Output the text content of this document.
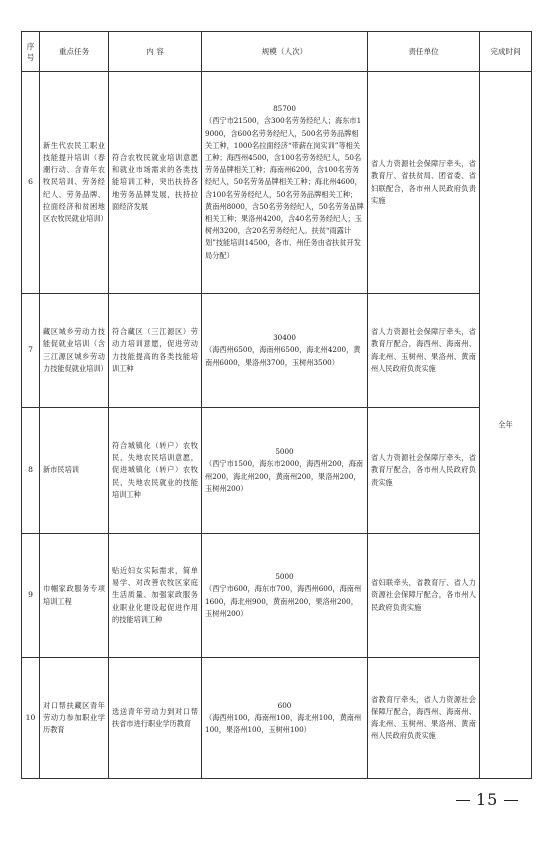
序号	重点任务	内 容	规模（人次）	责任单位	完成时间
6	新生代农民工职业技能提升培训（春潮行动、含青年农牧民培训、劳务经纪人、劳务品牌、拉面经济和贫困地区农牧民就业培训）	符合农牧民就业培训意愿和就业市场需求的各类技能培训工种，突出扶持各地劳务品牌发展，扶持拉面经济发展	85700
（西宁市21500，含300名劳务经纪人；海东市19000，含600名劳务经纪人，500名劳务品牌相关工种，1000名拉面经济“带薪在岗实训”等相关工种；海西州4500，含100名劳务经纪人，50名劳务品牌相关工种；海南州6200，含100名劳务经纪人，50名劳务品牌相关工种；海北州4600，含100名劳务经纪人，50名劳务品牌相关工种；黄南州8000，含50名劳务经纪人，50名劳务品牌相关工种；果洛州4200，含40名劳务经纪人；玉树州3200，含20名劳务经纪人。扶贫“雨露计划”技能培训14500，各市、州任务由省扶贫开发局分配）	省人力资源社会保障厅牵头，省教育厅、省扶贫局、团省委、省妇联配合，各市州人民政府负责实施	全年
7	藏区城乡劳动力技能促就业培训（含三江源区城乡劳动力技能促就业培训）	符合藏区（三江源区）劳动力培训意愿，促进劳动力技能提高的各类技能培训工种	30400
（海西州6500，海南州6500，海北州4200，黄南州6000，果洛州3700，玉树州3500）	省人力资源社会保障厅牵头，省教育厅配合，海西州、海南州、海北州、玉树州、果洛州、黄南州人民政府负责实施	
8	新市民培训	符合城镇化（转户）农牧民、失地农民培训意愿，促进城镇化（转户）农牧民、失地农民就业的技能培训工种	5000
（西宁市1500，海东市2000，海西州200，海南州200，海北州200，黄南州200，果洛州200，玉树州200）	省人力资源社会保障厅牵头，省教育厅配合，各市州人民政府负责实施	
9	巾帼家政服务专项培训工程	贴近妇女实际需求，简单易学、对改善农牧区家庭生活质量、加强家政服务业职业化建设起促进作用的技能培训工种	5000
（西宁市600，海东市700，海西州600，海南州1600，海北州900，黄南州200，果洛州200，玉树州200）	省妇联牵头，省教育厅、省人力资源社会保障厅配合，各市州人民政府负责实施	
10	对口帮扶藏区青年劳动力参加职业学历教育	选送青年劳动力到对口帮扶省市进行职业学历教育	600
（海西州100，海南州100，海北州100，黄南州100，果洛州100，玉树州100）	省教育厅牵头，省人力资源社会保障厅配合，海西州、海南州、海北州、玉树州、果洛州、黄南州人民政府负责实施	
15
